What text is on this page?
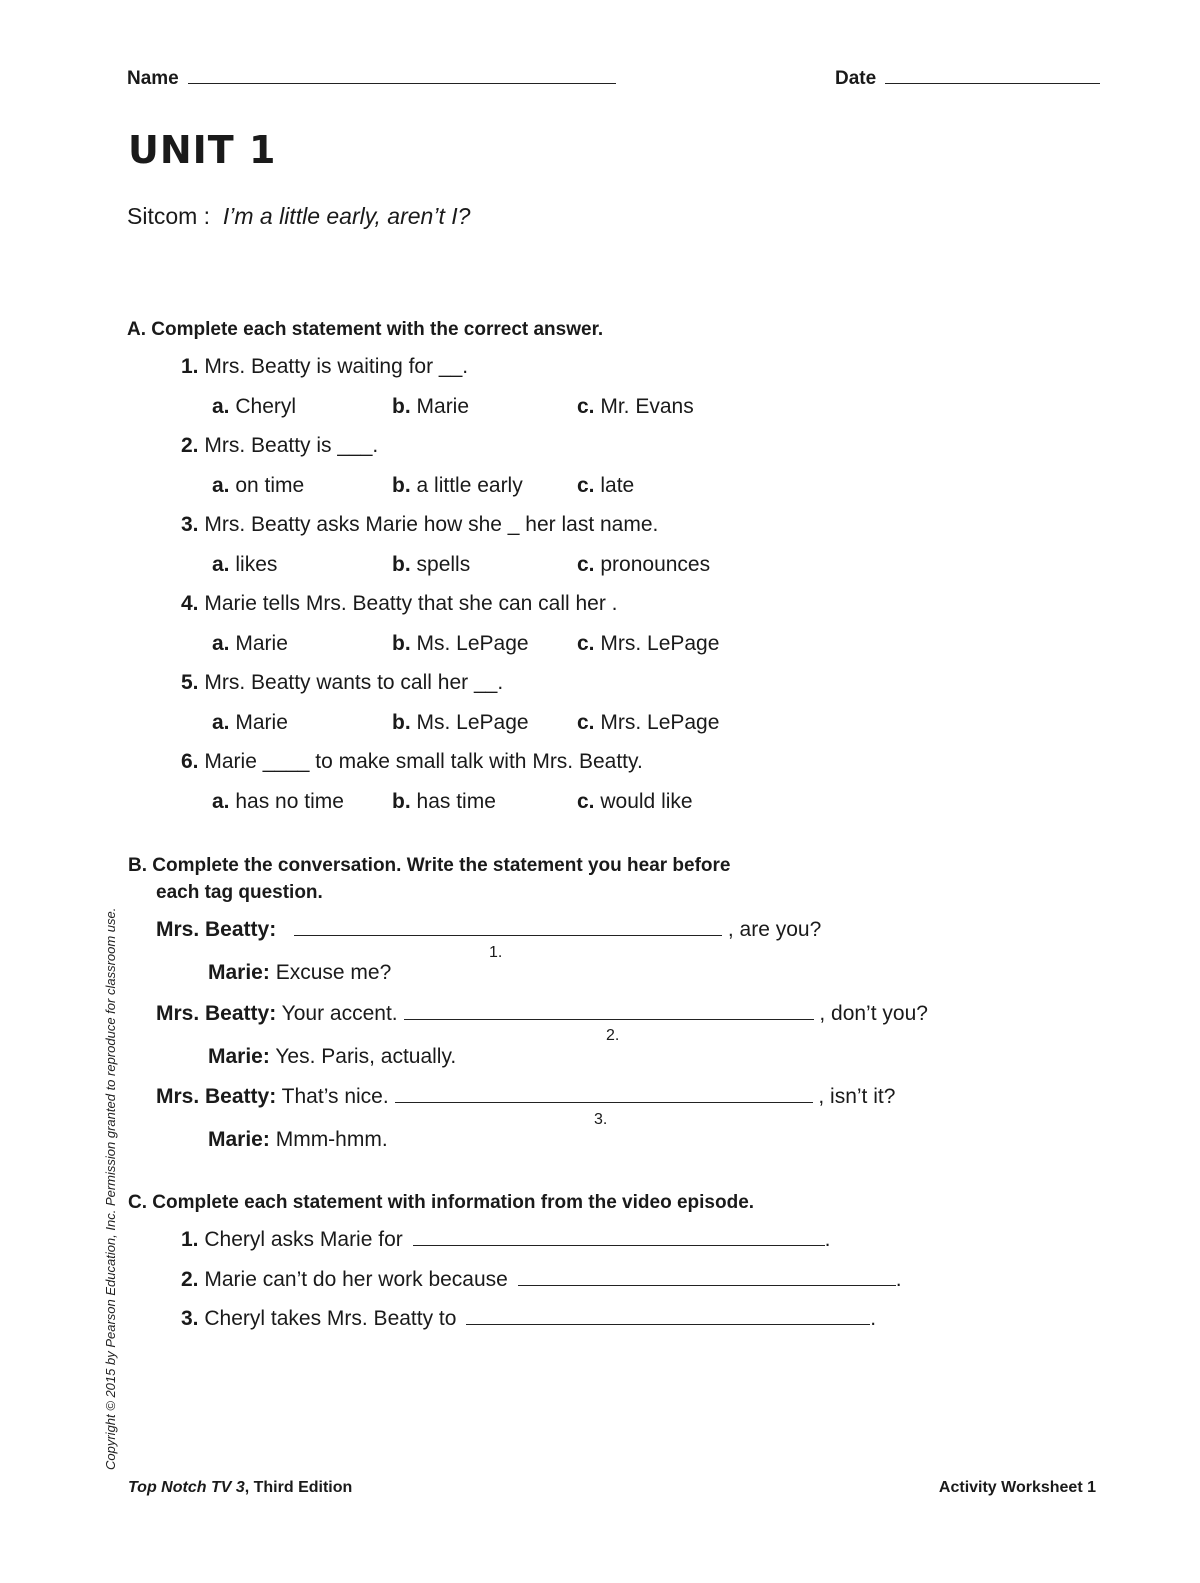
Name	Date
UNIT 1
Sitcom : I’m a little early, aren’t I?
A. Complete each statement with the correct answer.
1. Mrs. Beatty is waiting for __.
a. Cheryl	b. Marie	c. Mr. Evans
2. Mrs. Beatty is ___.
a. on time	b. a little early	c. late
3. Mrs. Beatty asks Marie how she _ her last name.
a. likes	b. spells	c. pronounces
4. Marie tells Mrs. Beatty that she can call her .
a. Marie	b. Ms. LePage c. Mrs. LePage
5. Mrs. Beatty wants to call her __.
a. Marie	b. Ms. LePage c. Mrs. LePage
6. Marie ____ to make small talk with Mrs. Beatty.
a. has no time b. has time	c. would like
B. Complete the conversation. Write the statement you hear before
each tag question.
Mrs. Beatty:	, are you?
1.
Marie: Excuse me?
Mrs. Beatty: Your accent.	, don’t you?
2.
Marie: Yes. Paris, actually.
Mrs. Beatty: That’s nice.	, isn’t it?
3.
Marie: Mmm-hmm.
C. Complete each statement with information from the video episode.
1. Cheryl asks Marie for	.
2. Marie can’t do her work because	.
3. Cheryl takes Mrs. Beatty to	.
Copyright © 2015 by Pearson Education, Inc. Permission granted to reproduce for classroom use.
Top Notch TV 3, Third Edition	Activity Worksheet 1
